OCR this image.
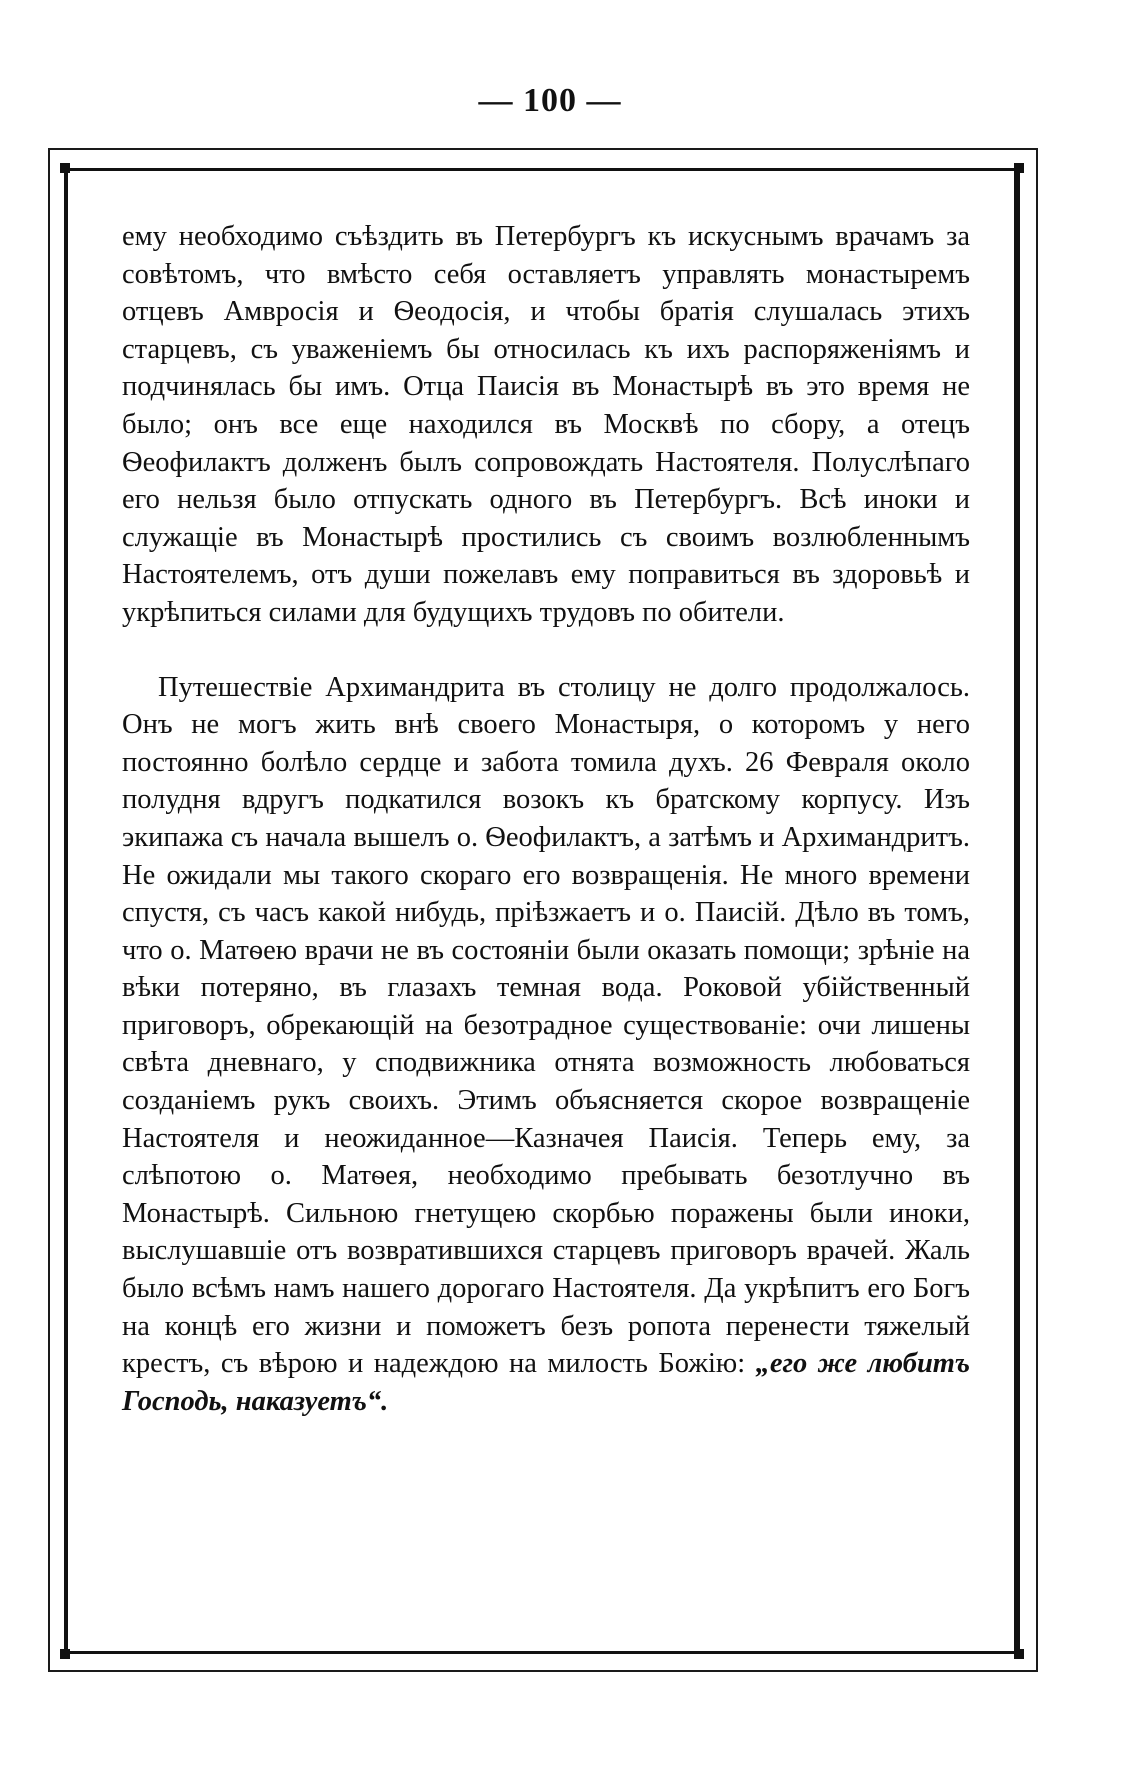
— 100 —

ему необходимо съѣздить въ Петербургъ къ искуснымъ врачамъ за совѣтомъ, что вмѣсто себя оставляетъ управлять монастыремъ отцевъ Амвросія и Ѳеодосія, и чтобы братія слушалась этихъ старцевъ, съ уваженіемъ бы относилась къ ихъ распоряженіямъ и подчинялась бы имъ. Отца Паисія въ Монастырѣ въ это время не было; онъ все еще находился въ Москвѣ по сбору, а отецъ Ѳеофилактъ долженъ былъ сопровождать Настоятеля. Полуслѣпаго его нельзя было отпускать одного въ Петербургъ. Всѣ иноки и служащіе въ Монастырѣ простились съ своимъ возлюбленнымъ Настоятелемъ, отъ души пожелавъ ему поправиться въ здоровьѣ и укрѣпиться силами для будущихъ трудовъ по обители.

Путешествіе Архимандрита въ столицу не долго продолжалось. Онъ не могъ жить внѣ своего Монастыря, о которомъ у него постоянно болѣло сердце и забота томила духъ. 26 Февраля около полудня вдругъ подкатился возокъ къ братскому корпусу. Изъ экипажа съ начала вышелъ о. Ѳеофилактъ, а затѣмъ и Архимандритъ. Не ожидали мы такого скораго его возвращенія. Не много времени спустя, съ часъ какой нибудь, пріѣзжаетъ и о. Паисій. Дѣло въ томъ, что о. Матѳею врачи не въ состояніи были оказать помощи; зрѣніе на вѣки потеряно, въ глазахъ темная вода. Роковой убійственный приговоръ, обрекающій на безотрадное существованіе: очи лишены свѣта дневнаго, у сподвижника отнята возможность любоваться созданіемъ рукъ своихъ. Этимъ объясняется скорое возвращеніе Настоятеля и неожиданное—Казначея Паисія. Теперь ему, за слѣпотою о. Матѳея, необходимо пребывать безотлучно въ Монастырѣ. Сильною гнетущею скорбью поражены были иноки, выслушавшіе отъ возвратившихся старцевъ приговоръ врачей. Жаль было всѣмъ намъ нашего дорогаго Настоятеля. Да укрѣпитъ его Богъ на концѣ его жизни и поможетъ безъ ропота перенести тяжелый крестъ, съ вѣрою и надеждою на милость Божію: „его же любитъ Господь, наказуетъ“.
